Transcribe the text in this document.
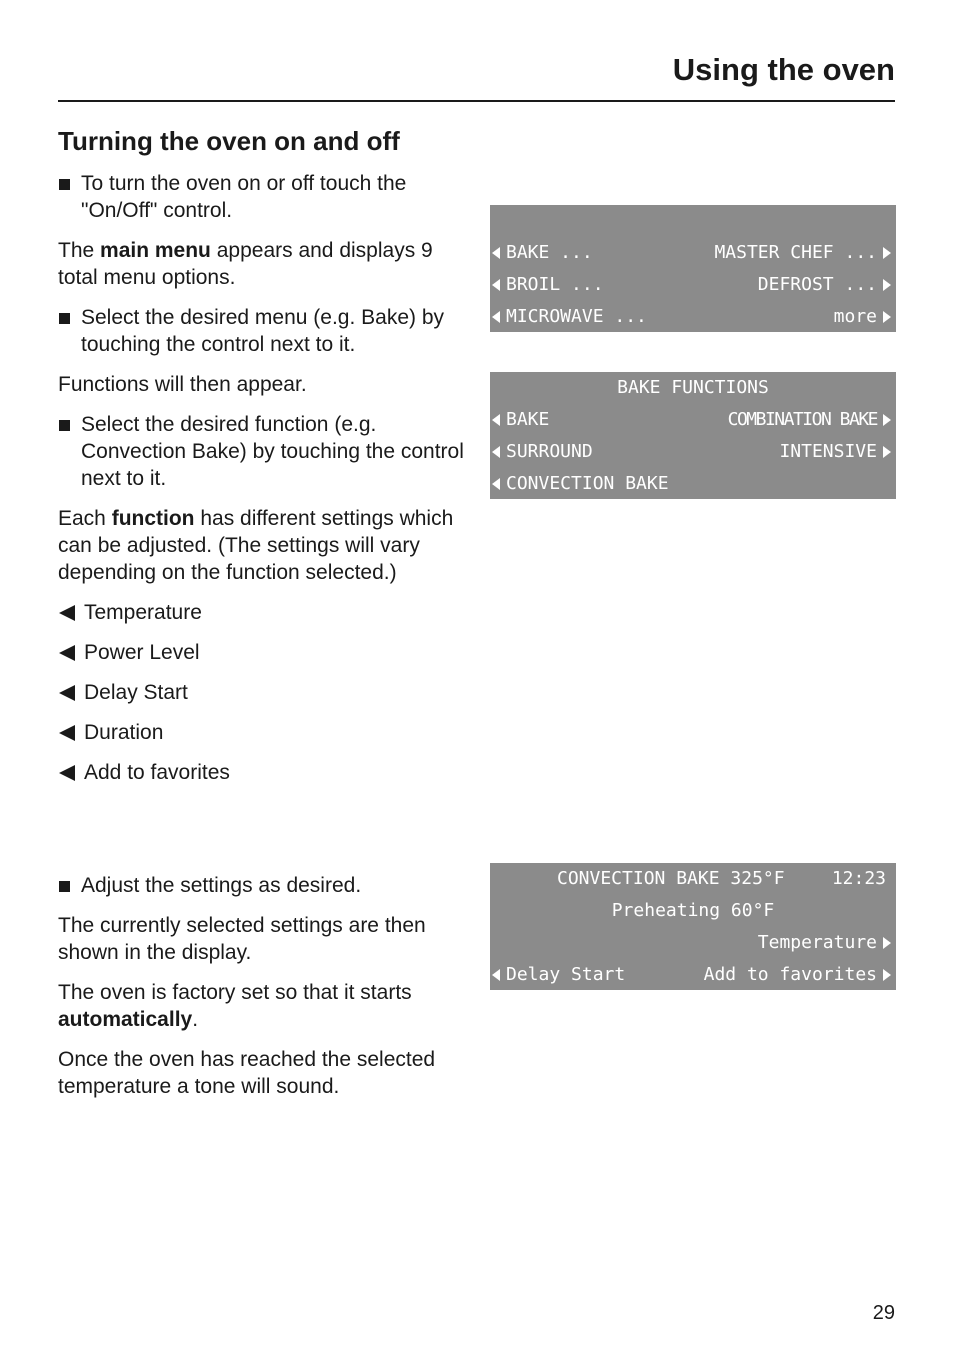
Using the oven
Turning the oven on and off
To turn the oven on or off touch the "On/Off" control.

The main menu appears and displays 9 total menu options.

Select the desired menu (e.g. Bake) by touching the control next to it.

Functions will then appear.

Select the desired function (e.g. Convection Bake) by touching the control next to it.

Each function has different settings which can be adjusted. (The settings will vary depending on the function selected.)

Temperature
Power Level
Delay Start
Duration
Add to favorites
Adjust the settings as desired.

The currently selected settings are then shown in the display.

The oven is factory set so that it starts automatically.

Once the oven has reached the selected temperature a tone will sound.

BAKE ...	MASTER CHEF ...
BROIL ...	DEFROST ...
MICROWAVE ...	more
BAKE FUNCTIONS
BAKE	COMBINATION BAKE
SURROUND	INTENSIVE
CONVECTION BAKE
CONVECTION BAKE 325°F	12:23
Preheating 60°F
Temperature
Delay Start	Add to favorites
29
